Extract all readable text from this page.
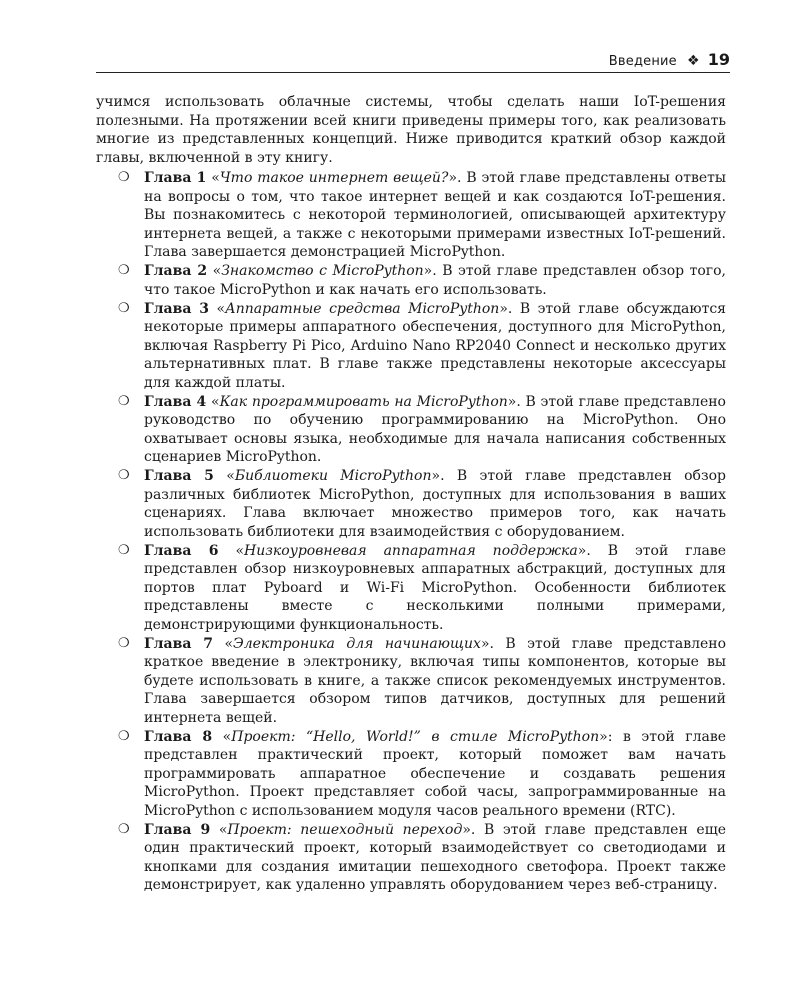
Введение ❖ 19

учимся использовать облачные системы, чтобы сделать наши IoT-решения полезными. На протяжении всей книги приведены примеры того, как реализовать многие из представленных концепций. Ниже приводится краткий обзор каждой главы, включенной в эту книгу.

❍	Глава 1 «Что такое интернет вещей?». В этой главе представлены ответы на вопросы о том, что такое интернет вещей и как создаются IoT-решения. Вы познакомитесь с некоторой терминологией, описывающей архитектуру интернета вещей, а также с некоторыми примерами известных IoT-решений. Глава завершается демонстрацией MicroPython.
❍	Глава 2 «Знакомство с MicroPython». В этой главе представлен обзор того, что такое MicroPython и как начать его использовать.
❍	Глава 3 «Аппаратные средства MicroPython». В этой главе обсуждаются некоторые примеры аппаратного обеспечения, доступного для MicroPython, включая Raspberry Pi Pico, Arduino Nano RP2040 Connect и несколько других альтернативных плат. В главе также представлены некоторые аксессуары для каждой платы.
❍	Глава 4 «Как программировать на MicroPython». В этой главе представлено руководство по обучению программированию на MicroPython. Оно охватывает основы языка, необходимые для начала написания собственных сценариев MicroPython.
❍	Глава 5 «Библиотеки MicroPython». В этой главе представлен обзор различных библиотек MicroPython, доступных для использования в ваших сценариях. Глава включает множество примеров того, как начать использовать библиотеки для взаимодействия с оборудованием.
❍	Глава 6 «Низкоуровневая аппаратная поддержка». В этой главе представлен обзор низкоуровневых аппаратных абстракций, доступных для портов плат Pyboard и Wi-Fi MicroPython. Особенности библиотек представлены вместе с несколькими полными примерами, демонстрирующими функциональность.
❍	Глава 7 «Электроника для начинающих». В этой главе представлено краткое введение в электронику, включая типы компонентов, которые вы будете использовать в книге, а также список рекомендуемых инструментов. Глава завершается обзором типов датчиков, доступных для решений интернета вещей.
❍	Глава 8 «Проект: “Hello, World!” в стиле MicroPython»: в этой главе представлен практический проект, который поможет вам начать программировать аппаратное обеспечение и создавать решения MicroPython. Проект представляет собой часы, запрограммированные на MicroPython с использованием модуля часов реального времени (RTC).
❍	Глава 9 «Проект: пешеходный переход». В этой главе представлен еще один практический проект, который взаимодействует со светодиодами и кнопками для создания имитации пешеходного светофора. Проект также демонстрирует, как удаленно управлять оборудованием через веб-страницу.
